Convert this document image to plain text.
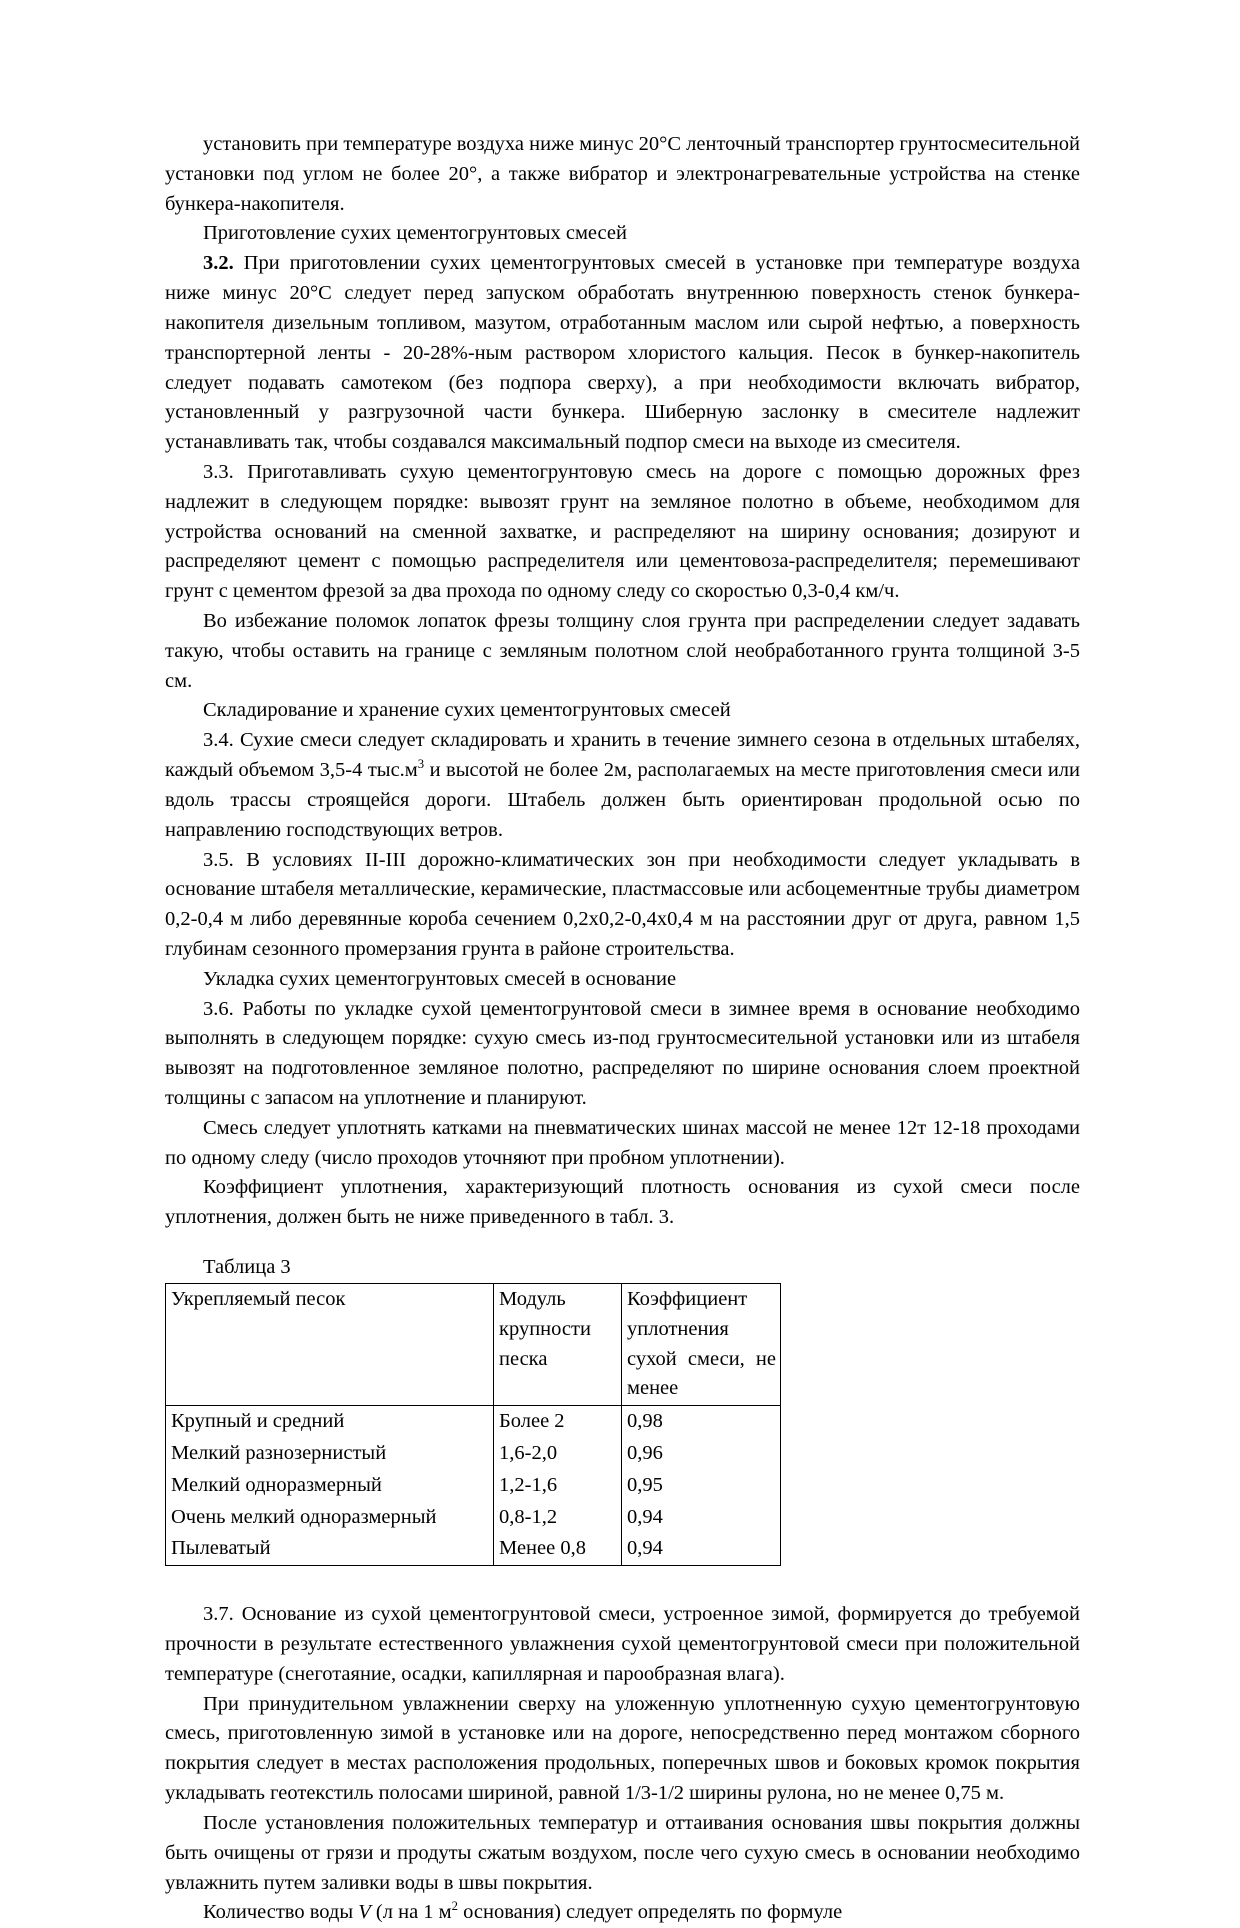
установить при температуре воздуха ниже минус 20°C ленточный транспортер грунтосмесительной установки под углом не более 20°, а также вибратор и электронагревательные устройства на стенке бункера-накопителя.

Приготовление сухих цементогрунтовых смесей

3.2. При приготовлении сухих цементогрунтовых смесей в установке при температуре воздуха ниже минус 20°C следует перед запуском обработать внутреннюю поверхность стенок бункера-накопителя дизельным топливом, мазутом, отработанным маслом или сырой нефтью, а поверхность транспортерной ленты - 20-28%-ным раствором хлористого кальция. Песок в бункер-накопитель следует подавать самотеком (без подпора сверху), а при необходимости включать вибратор, установленный у разгрузочной части бункера. Шиберную заслонку в смесителе надлежит устанавливать так, чтобы создавался максимальный подпор смеси на выходе из смесителя.

3.3. Приготавливать сухую цементогрунтовую смесь на дороге с помощью дорожных фрез надлежит в следующем порядке: вывозят грунт на земляное полотно в объеме, необходимом для устройства оснований на сменной захватке, и распределяют на ширину основания; дозируют и распределяют цемент с помощью распределителя или цементовоза-распределителя; перемешивают грунт с цементом фрезой за два прохода по одному следу со скоростью 0,3-0,4 км/ч.

Во избежание поломок лопаток фрезы толщину слоя грунта при распределении следует задавать такую, чтобы оставить на границе с земляным полотном слой необработанного грунта толщиной 3-5 см.

Складирование и хранение сухих цементогрунтовых смесей

3.4. Сухие смеси следует складировать и хранить в течение зимнего сезона в отдельных штабелях, каждый объемом 3,5-4 $тыс.м^3$ и высотой не более 2м, располагаемых на месте приготовления смеси или вдоль трассы строящейся дороги. Штабель должен быть ориентирован продольной осью по направлению господствующих ветров.

3.5. В условиях II-III дорожно-климатических зон при необходимости следует укладывать в основание штабеля металлические, керамические, пластмассовые или асбоцементные трубы диаметром 0,2-0,4 м либо деревянные короба сечением 0,2х0,2-0,4х0,4 м на расстоянии друг от друга, равном 1,5 глубинам сезонного промерзания грунта в районе строительства.

Укладка сухих цементогрунтовых смесей в основание

3.6. Работы по укладке сухой цементогрунтовой смеси в зимнее время в основание необходимо выполнять в следующем порядке: сухую смесь из-под грунтосмесительной установки или из штабеля вывозят на подготовленное земляное полотно, распределяют по ширине основания слоем проектной толщины с запасом на уплотнение и планируют.

Смесь следует уплотнять катками на пневматических шинах массой не менее 12т 12-18 проходами по одному следу (число проходов уточняют при пробном уплотнении).

Коэффициент уплотнения, характеризующий плотность основания из сухой смеси после уплотнения, должен быть не ниже приведенного в табл. 3.

Таблица 3

Укрепляемый песок	Модуль крупности песка	Коэффициент уплотнения сухой смеси, не менее
Крупный и средний	Более 2	0,98
Мелкий разнозернистый	1,6-2,0	0,96
Мелкий одноразмерный	1,2-1,6	0,95
Очень мелкий одноразмерный	0,8-1,2	0,94
Пылеватый	Менее 0,8	0,94

3.7. Основание из сухой цементогрунтовой смеси, устроенное зимой, формируется до требуемой прочности в результате естественного увлажнения сухой цементогрунтовой смеси при положительной температуре (снеготаяние, осадки, капиллярная и парообразная влага).

При принудительном увлажнении сверху на уложенную уплотненную сухую цементогрунтовую смесь, приготовленную зимой в установке или на дороге, непосредственно перед монтажом сборного покрытия следует в местах расположения продольных, поперечных швов и боковых кромок покрытия укладывать геотекстиль полосами шириной, равной 1/3-1/2 ширины рулона, но не менее 0,75 м.

После установления положительных температур и оттаивания основания швы покрытия должны быть очищены от грязи и продуты сжатым воздухом, после чего сухую смесь в основании необходимо увлажнить путем заливки воды в швы покрытия.

Количество воды V (л на 1 $м^2$ основания) следует определять по формуле
